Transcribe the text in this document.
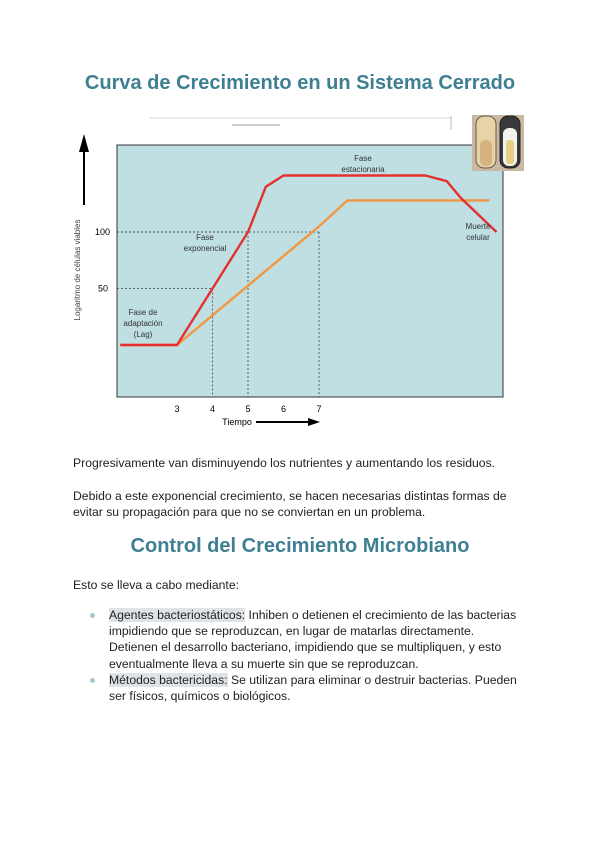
Curva de Crecimiento en un Sistema Cerrado
Logaritmo de células viables 50
100
3	4	5	6	7
Tiempo
Fase de adaptación (Lag)
Fase exponencial
Fase estacionaria
Muerte celular

Progresivamente van disminuyendo los nutrientes y aumentando los residuos.

Debido a este exponencial crecimiento, se hacen necesarias distintas formas de evitar su propagación para que no se conviertan en un problema.

Control del Crecimiento Microbiano

Esto se lleva a cabo mediante:

Agentes bacteriostáticos: Inhiben o detienen el crecimiento de las bacterias impidiendo que se reproduzcan, en lugar de matarlas directamente. Detienen el desarrollo bacteriano, impidiendo que se multipliquen, y esto eventualmente lleva a su muerte sin que se reproduzcan.
Métodos bactericidas: Se utilizan para eliminar o destruir bacterias. Pueden ser físicos, químicos o biológicos.
